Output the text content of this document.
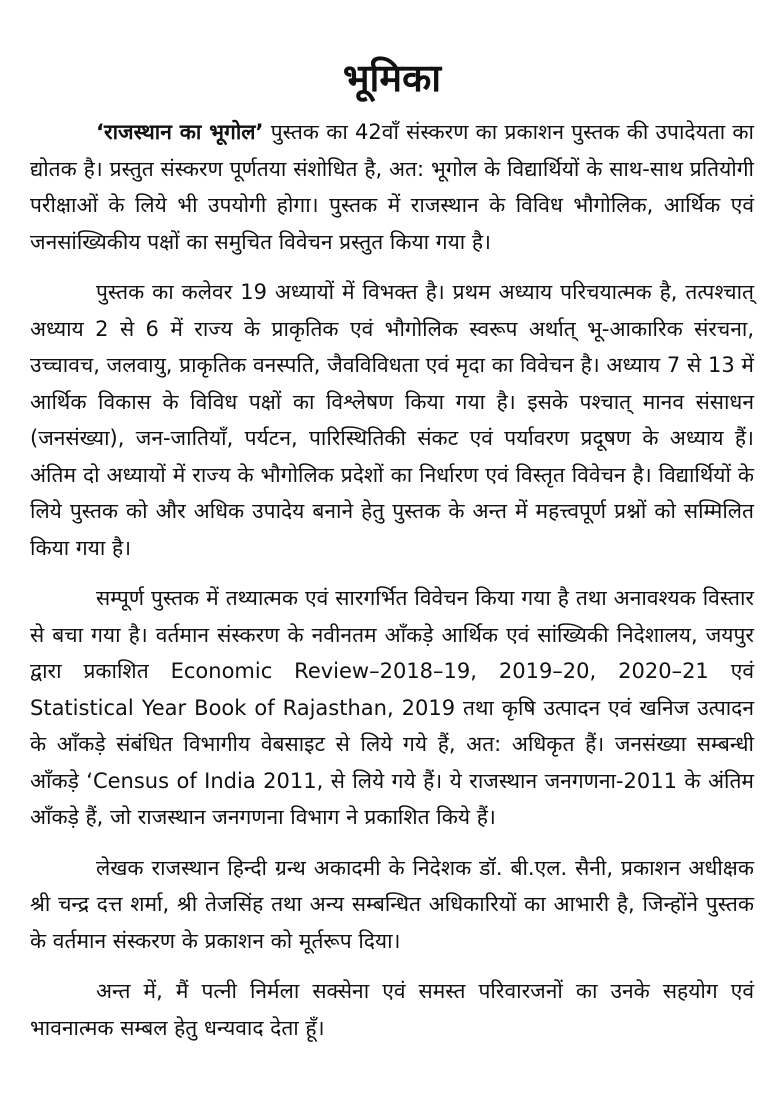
भूमिका

‘राजस्थान का भूगोल’ पुस्तक का 42वाँ संस्करण का प्रकाशन पुस्तक की उपादेयता का द्योतक है। प्रस्तुत संस्करण पूर्णतया संशोधित है, अत: भूगोल के विद्यार्थियों के साथ-साथ प्रतियोगी परीक्षाओं के लिये भी उपयोगी होगा। पुस्तक में राजस्थान के विविध भौगोलिक, आर्थिक एवं जनसांख्यिकीय पक्षों का समुचित विवेचन प्रस्तुत किया गया है।

पुस्तक का कलेवर 19 अध्यायों में विभक्त है। प्रथम अध्याय परिचयात्मक है, तत्पश्चात् अध्याय 2 से 6 में राज्य के प्राकृतिक एवं भौगोलिक स्वरूप अर्थात् भू-आकारिक संरचना, उच्चावच, जलवायु, प्राकृतिक वनस्पति, जैवविविधता एवं मृदा का विवेचन है। अध्याय 7 से 13 में आर्थिक विकास के विविध पक्षों का विश्लेषण किया गया है। इसके पश्चात् मानव संसाधन (जनसंख्या), जन-जातियाँ, पर्यटन, पारिस्थितिकी संकट एवं पर्यावरण प्रदूषण के अध्याय हैं। अंतिम दो अध्यायों में राज्य के भौगोलिक प्रदेशों का निर्धारण एवं विस्तृत विवेचन है। विद्यार्थियों के लिये पुस्तक को और अधिक उपादेय बनाने हेतु पुस्तक के अन्त में महत्त्वपूर्ण प्रश्नों को सम्मिलित किया गया है।

सम्पूर्ण पुस्तक में तथ्यात्मक एवं सारगर्भित विवेचन किया गया है तथा अनावश्यक विस्तार से बचा गया है। वर्तमान संस्करण के नवीनतम आँकड़े आर्थिक एवं सांख्यिकी निदेशालय, जयपुर द्वारा प्रकाशित Economic Review–2018–19, 2019–20, 2020–21 एवं Statistical Year Book of Rajasthan, 2019 तथा कृषि उत्पादन एवं खनिज उत्पादन के आँकड़े संबंधित विभागीय वेबसाइट से लिये गये हैं, अत: अधिकृत हैं। जनसंख्या सम्बन्धी आँकड़े ‘Census of India 2011, से लिये गये हैं। ये राजस्थान जनगणना-2011 के अंतिम आँकड़े हैं, जो राजस्थान जनगणना विभाग ने प्रकाशित किये हैं।

लेखक राजस्थान हिन्दी ग्रन्थ अकादमी के निदेशक डॉ. बी.एल. सैनी, प्रकाशन अधीक्षक श्री चन्द्र दत्त शर्मा, श्री तेजसिंह तथा अन्य सम्बन्धित अधिकारियों का आभारी है, जिन्होंने पुस्तक के वर्तमान संस्करण के प्रकाशन को मूर्तरूप दिया।

अन्त में, मैं पत्नी निर्मला सक्सेना एवं समस्त परिवारजनों का उनके सहयोग एवं भावनात्मक सम्बल हेतु धन्यवाद देता हूँ।
